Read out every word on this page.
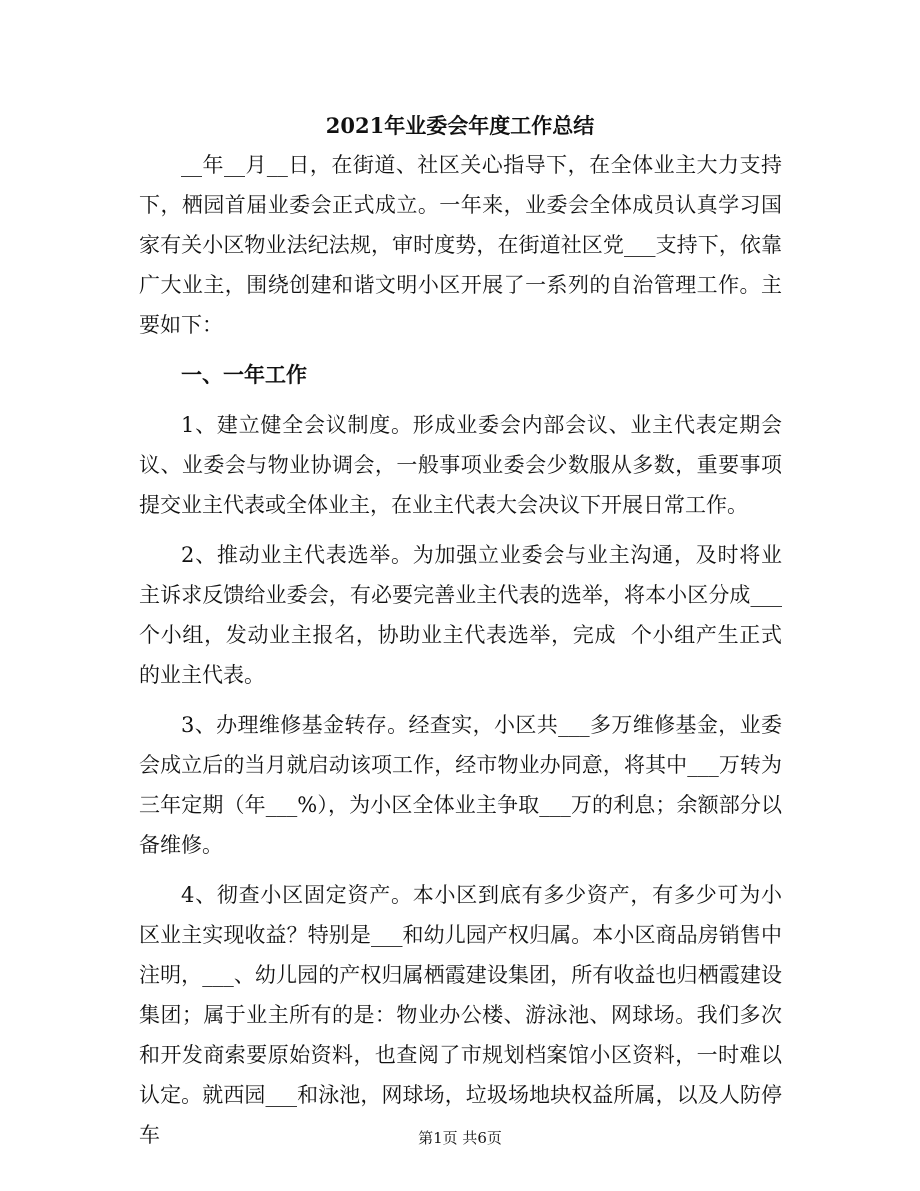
2021年业委会年度工作总结

__年__月__日，在街道、社区关心指导下，在全体业主大力支持下，栖园首届业委会正式成立。一年来，业委会全体成员认真学习国家有关小区物业法纪法规，审时度势，在街道社区党___支持下，依靠广大业主，围绕创建和谐文明小区开展了一系列的自治管理工作。主要如下：

一、一年工作

1、建立健全会议制度。形成业委会内部会议、业主代表定期会议、业委会与物业协调会，一般事项业委会少数服从多数，重要事项提交业主代表或全体业主，在业主代表大会决议下开展日常工作。

2、推动业主代表选举。为加强立业委会与业主沟通，及时将业主诉求反馈给业委会，有必要完善业主代表的选举，将本小区分成___个小组，发动业主报名，协助业主代表选举，完成  个小组产生正式的业主代表。

3、办理维修基金转存。经查实，小区共___多万维修基金，业委会成立后的当月就启动该项工作，经市物业办同意，将其中___万转为三年定期（年___%），为小区全体业主争取___万的利息；余额部分以备维修。

4、彻查小区固定资产。本小区到底有多少资产，有多少可为小区业主实现收益？特别是___和幼儿园产权归属。本小区商品房销售中注明，___、幼儿园的产权归属栖霞建设集团，所有收益也归栖霞建设集团；属于业主所有的是：物业办公楼、游泳池、网球场。我们多次和开发商索要原始资料，也查阅了市规划档案馆小区资料，一时难以认定。就西园___和泳池，网球场，垃圾场地块权益所属，以及人防停车	第1页 共6页
